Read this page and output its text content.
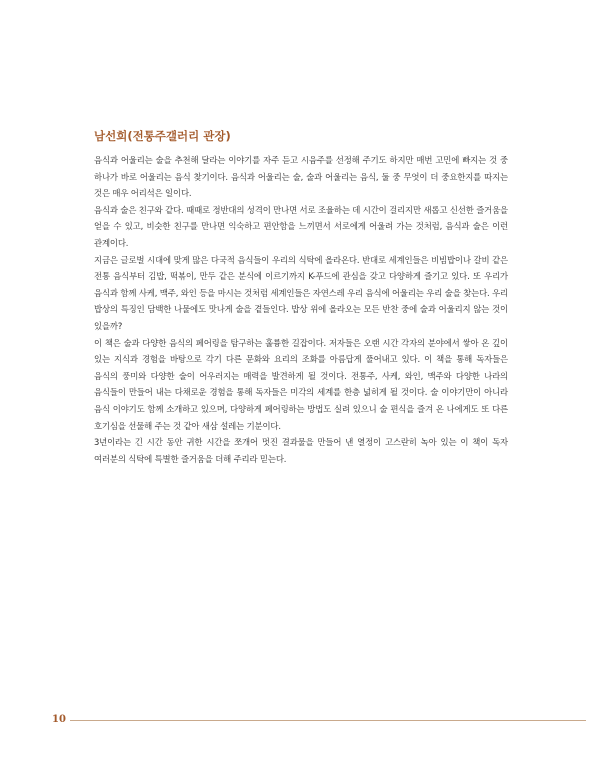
남선희(전통주갤러리 관장)

음식과 어울리는 술을 추천해 달라는 이야기를 자주 듣고 시음주를 선정해 주기도 하지만 매번 고민에 빠지는 것 중 하나가 바로 어울리는 음식 찾기이다. 음식과 어울리는 술, 술과 어울리는 음식, 둘 중 무엇이 더 중요한지를 따지는 것은 매우 어리석은 일이다.

음식과 술은 친구와 같다. 때때로 정반대의 성격이 만나면 서로 조율하는 데 시간이 걸리지만 새롭고 신선한 즐거움을 얻을 수 있고, 비슷한 친구를 만나면 익숙하고 편안함을 느끼면서 서로에게 어울려 가는 것처럼, 음식과 술은 이런 관계이다.

지금은 글로벌 시대에 맞게 많은 다국적 음식들이 우리의 식탁에 올라온다. 반대로 세계인들은 비빔밥이나 갈비 같은 전통 음식부터 김밥, 떡볶이, 만두 같은 분식에 이르기까지 K-푸드에 관심을 갖고 다양하게 즐기고 있다. 또 우리가 음식과 함께 사케, 맥주, 와인 등을 마시는 것처럼 세계인들은 자연스레 우리 음식에 어울리는 우리 술을 찾는다. 우리 밥상의 특징인 담백한 나물에도 맛나게 술을 곁들인다. 밥상 위에 올라오는 모든 반찬 중에 술과 어울리지 않는 것이 있을까?

이 책은 술과 다양한 음식의 페어링을 탐구하는 훌륭한 길잡이다. 저자들은 오랜 시간 각자의 분야에서 쌓아 온 깊이 있는 지식과 경험을 바탕으로 각기 다른 문화와 요리의 조화를 아름답게 풀어내고 있다. 이 책을 통해 독자들은 음식의 풍미와 다양한 술이 어우러지는 매력을 발견하게 될 것이다. 전통주, 사케, 와인, 맥주와 다양한 나라의 음식들이 만들어 내는 다채로운 경험을 통해 독자들은 미각의 세계를 한층 넓히게 될 것이다. 술 이야기만이 아니라 음식 이야기도 함께 소개하고 있으며, 다양하게 페어링하는 방법도 실려 있으니 술 편식을 즐겨 온 나에게도 또 다른 호기심을 선물해 주는 것 같아 새삼 설레는 기분이다.

3년이라는 긴 시간 동안 귀한 시간을 쪼개어 멋진 결과물을 만들어 낸 열정이 고스란히 녹아 있는 이 책이 독자 여러분의 식탁에 특별한 즐거움을 더해 주리라 믿는다.

10
